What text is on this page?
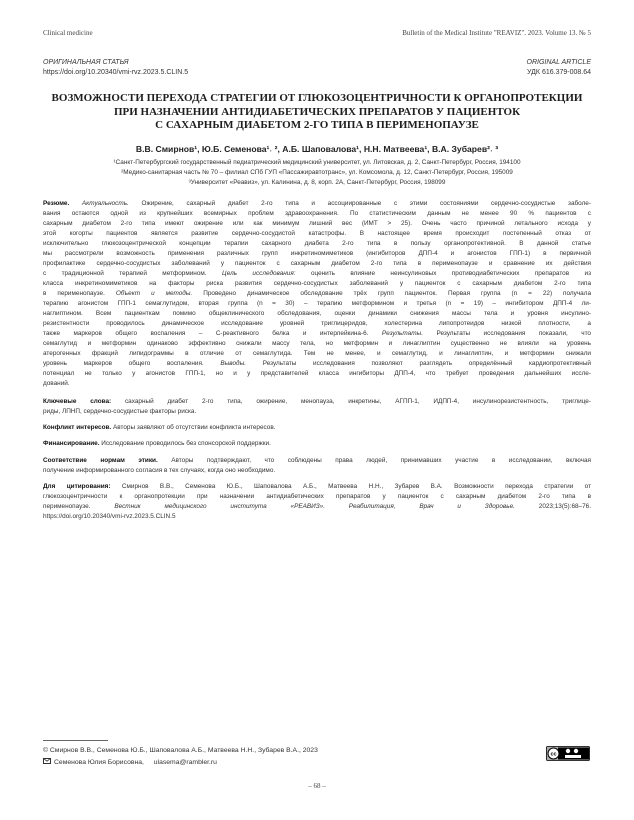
Clinical medicine	Bulletin of the Medical Institute "REAVIZ". 2023. Volume 13. № 5
ОРИГИНАЛЬНАЯ СТАТЬЯ
https://doi.org/10.20340/vmi-rvz.2023.5.CLIN.5
ORIGINAL ARTICLE
УДК 616.379-008.64
ВОЗМОЖНОСТИ ПЕРЕХОДА СТРАТЕГИИ ОТ ГЛЮКОЗОЦЕНТРИЧНОСТИ К ОРГАНОПРОТЕКЦИИ
ПРИ НАЗНАЧЕНИИ АНТИДИАБЕТИЧЕСКИХ ПРЕПАРАТОВ У ПАЦИЕНТОК
С САХАРНЫМ ДИАБЕТОМ 2-ГО ТИПА В ПЕРИМЕНОПАУЗЕ
В.В. Смирнов¹, Ю.Б. Семенова¹˒ ², А.Б. Шаповалова¹, Н.Н. Матвеева¹, В.А. Зубарев²˒ ³
¹Санкт-Петербургский государственный педиатрический медицинский университет, ул. Литовская, д. 2, Санкт-Петербург, Россия, 194100
²Медико-санитарная часть № 70 – филиал СПб ГУП «Пассажиравтотранс», ул. Комсомола, д. 12, Санкт-Петербург, Россия, 195009
³Университет «Реавиз», ул. Калинина, д. 8, корп. 2А, Санкт-Петербург, Россия, 198099
Резюме. Актуальность. Ожирение, сахарный диабет 2-го типа и ассоциированные с этими состояниями сердечно-сосудистые заболе-
вания остаются одной из крупнейших всемирных проблем здравоохранения. По статистическим данным не менее 90 % пациентов с
сахарным диабетом 2-го типа имеют ожирение или как минимум лишний вес (ИМТ > 25). Очень часто причиной летального исхода у
этой когорты пациентов является развитие сердечно-сосудистой катастрофы. В настоящее время происходит постепенный отказ от
исключительно глюкозоцентрической концепции терапии сахарного диабета 2-го типа в пользу органопротективной. В данной статье
мы рассмотрели возможность применения различных групп инкретиномиметиков (ингибиторов ДПП-4 и агонистов ГПП-1) в первичной
профилактике сердечно-сосудистых заболеваний у пациенток с сахарным диабетом 2-го типа в перименопаузе и сравнение их действия
с традиционной терапией метформином. Цель исследования: оценить влияние неинсулиновых противодиабетических препаратов из
класса инкретиномиметиков на факторы риска развития сердечно-сосудистых заболеваний у пациенток с сахарным диабетом 2-го типа
в перименопаузе. Объект и методы. Проведено динамическое обследование трёх групп пациенток. Первая группа (n = 22) получала
терапию агонистом ГПП-1 семаглутидом, вторая группа (n = 30) – терапию метформином и третья (n = 19) – ингибитором ДПП-4 ли-
наглиптином. Всем пациенткам помимо общеклинического обследования, оценки динамики снижения массы тела и уровня инсулино-
резистентности проводилось динамическое исследование уровней триглицеридов, холестерина липопротеидов низкой плотности, а
также маркеров общего воспаления – C-реактивного белка и интерлейкина-6. Результаты. Результаты исследования показали, что
семаглутид и метформин одинаково эффективно снижали массу тела, но метформин и линаглиптин существенно не влияли на уровень
атерогенных фракций липидограммы в отличие от семаглутида. Тем не менее, и семаглутид, и линаглиптин, и метформин снижали
уровень маркеров общего воспаления.	Выводы.	Результаты исследования позволяют разглядеть определённый кардиопротективный
потенциал не только у агонистов ГПП-1, но и у представителей класса ингибиторы ДПП-4, что требует проведения дальнейших иссле-
дований.
Ключевые слова: сахарный диабет 2-го типа, ожирение, менопауза, инкретины, АГПП-1, ИДПП-4, инсулинорезистентность, триглице-
риды, ЛПНП, сердечно-сосудистые факторы риска.
Конфликт интересов. Авторы заявляют об отсутствии конфликта интересов.
Финансирование. Исследование проводилось без спонсорской поддержки.
Соответствие нормам этики. Авторы подтверждают, что соблюдены права людей, принимавших участие в исследовании, включая
получение информированного согласия в тех случаях, когда оно необходимо.
Для цитирования: Смирнов В.В., Семенова Ю.Б., Шаповалова А.Б., Матвеева Н.Н., Зубарев В.А. Возможности перехода стратегии от
глюкозоцентричности к органопротекции при назначении антидиабетических препаратов у пациенток с сахарным диабетом 2-го типа в
перименопаузе.	Вестник медицинского института «РЕАВИЗ». Реабилитация, Врач и Здоровье.	2023;13(5):68–76.
https://doi.org/10.20340/vmi-rvz.2023.5.CLIN.5
© Смирнов В.В., Семенова Ю.Б., Шаповалова А.Б., Матвеева Н.Н., Зубарев В.А., 2023
Семенова Юлия Борисовна, ulasema@rambler.ru
cc
– 68 –
